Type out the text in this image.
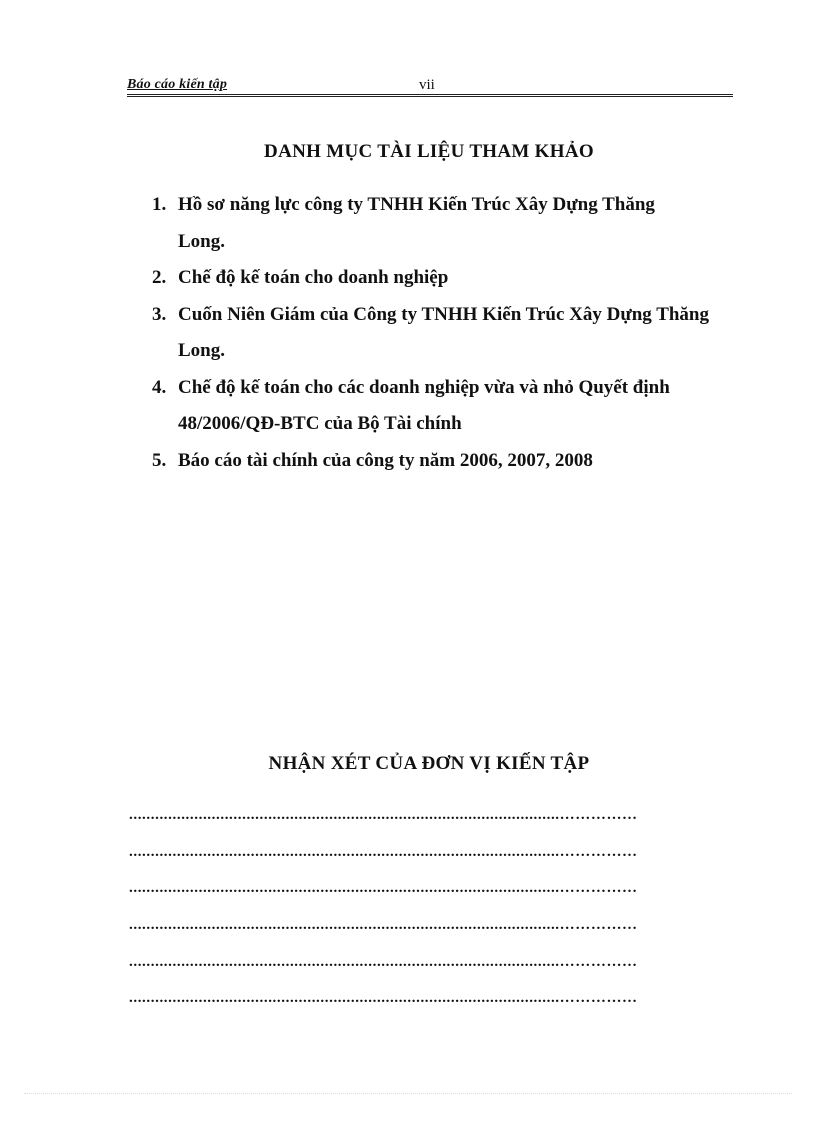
Báo cáo kiến tập	vii
DANH MỤC TÀI LIỆU THAM KHẢO
1. Hồ sơ năng lực công ty TNHH Kiến Trúc Xây Dựng Thăng Long.
2. Chế độ kế toán cho doanh nghiệp
3. Cuốn Niên Giám của Công ty TNHH Kiến Trúc Xây Dựng Thăng Long.
4. Chế độ kế toán cho các doanh nghiệp vừa và nhỏ Quyết định 48/2006/QĐ-BTC của Bộ Tài chính
5. Báo cáo tài chính của công ty năm 2006, 2007, 2008
NHẬN XÉT CỦA ĐƠN VỊ KIẾN TẬP
...................................................................................................……………
...................................................................................................……………
...................................................................................................……………
...................................................................................................……………
...................................................................................................……………
...................................................................................................……………
